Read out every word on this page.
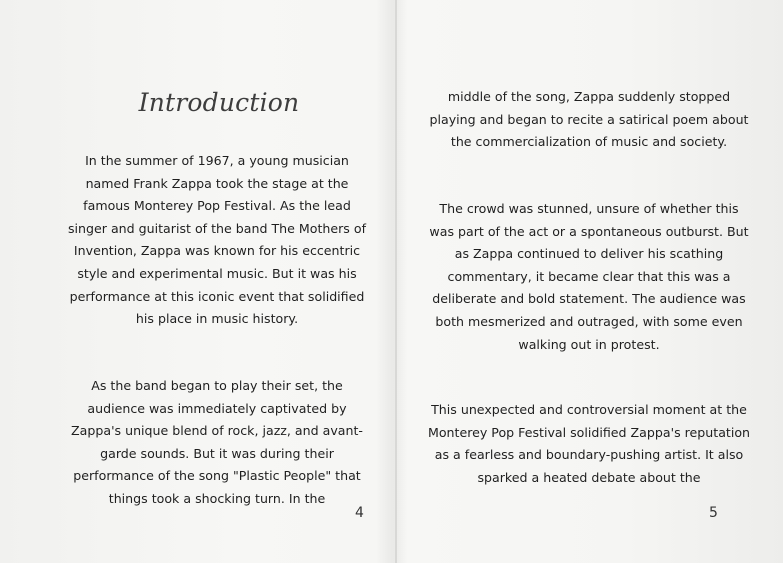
Introduction

In the summer of 1967, a young musician named Frank Zappa took the stage at the famous Monterey Pop Festival. As the lead singer and guitarist of the band The Mothers of Invention, Zappa was known for his eccentric style and experimental music. But it was his performance at this iconic event that solidified his place in music history.

As the band began to play their set, the audience was immediately captivated by Zappa's unique blend of rock, jazz, and avant-garde sounds. But it was during their performance of the song "Plastic People" that things took a shocking turn. In the

4

middle of the song, Zappa suddenly stopped playing and began to recite a satirical poem about the commercialization of music and society.

The crowd was stunned, unsure of whether this was part of the act or a spontaneous outburst. But as Zappa continued to deliver his scathing commentary, it became clear that this was a deliberate and bold statement. The audience was both mesmerized and outraged, with some even walking out in protest.

This unexpected and controversial moment at the Monterey Pop Festival solidified Zappa's reputation as a fearless and boundary-pushing artist. It also sparked a heated debate about the

5
